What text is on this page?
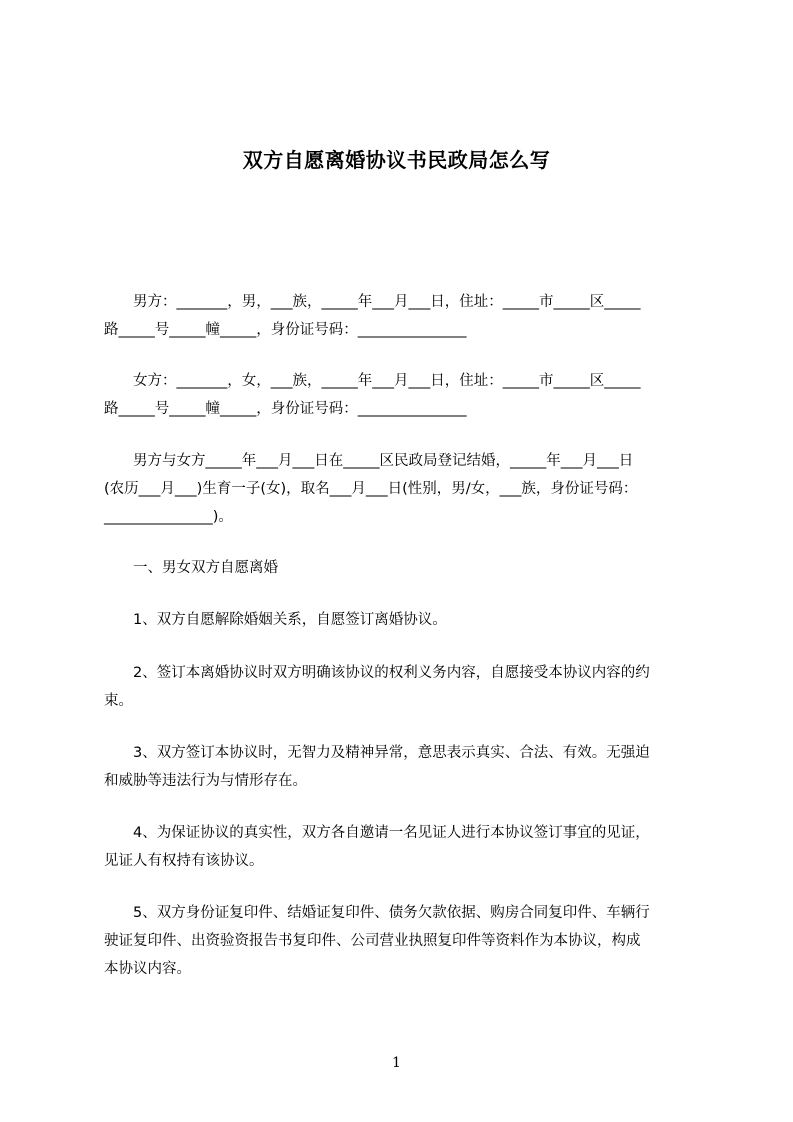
双方自愿离婚协议书民政局怎么写
　　男方：_______，男，___族，_____年___月___日，住址：_____市_____区_____
路_____号_____幢_____，身份证号码：_______________
　　女方：_______，女，___族，_____年___月___日，住址：_____市_____区_____
路_____号_____幢_____，身份证号码：_______________
　　男方与女方_____年___月___日在_____区民政局登记结婚，_____年___月___日
(农历___月___)生育一子(女)，取名___月___日(性别，男/女，___族，身份证号码：
_______________)。
　　一、男女双方自愿离婚
　　1、双方自愿解除婚姻关系，自愿签订离婚协议。
　　2、签订本离婚协议时双方明确该协议的权利义务内容，自愿接受本协议内容的约
束。
　　3、双方签订本协议时，无智力及精神异常，意思表示真实、合法、有效。无强迫
和威胁等违法行为与情形存在。
　　4、为保证协议的真实性，双方各自邀请一名见证人进行本协议签订事宜的见证，
见证人有权持有该协议。
　　5、双方身份证复印件、结婚证复印件、债务欠款依据、购房合同复印件、车辆行
驶证复印件、出资验资报告书复印件、公司营业执照复印件等资料作为本协议，构成
本协议内容。
1
